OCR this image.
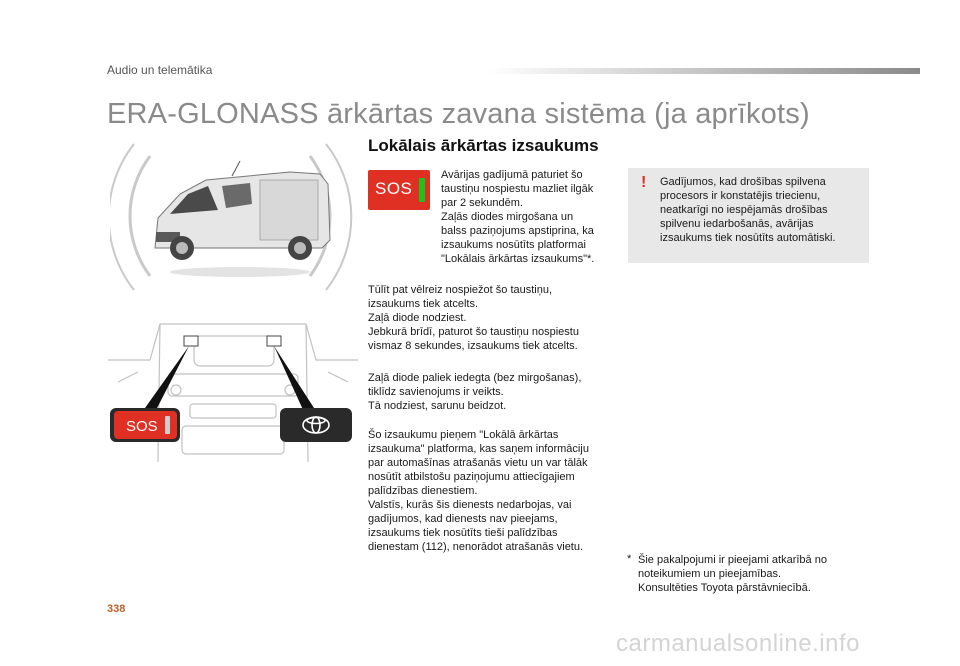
Audio un telemātika
ERA-GLONASS ārkārtas zavana sistēma (ja aprīkots)
SOS
Lokālais ārkārtas izsaukums
SOS

Avārijas gadījumā paturiet šo
taustiņu nospiestu mazliet ilgāk
par 2 sekundēm.
Zaļās diodes mirgošana un
balss paziņojums apstiprina, ka
izsaukums nosūtīts platformai
"Lokālais ārkārtas izsaukums"*.

Tūlīt pat vēlreiz nospiežot šo taustiņu,
izsaukums tiek atcelts.
Zaļā diode nodziest.
Jebkurā brīdī, paturot šo taustiņu nospiestu
vismaz 8 sekundes, izsaukums tiek atcelts.

Zaļā diode paliek iedegta (bez mirgošanas),
tiklīdz savienojums ir veikts.
Tā nodziest, sarunu beidzot.

Šo izsaukumu pieņem "Lokālā ārkārtas
izsaukuma" platforma, kas saņem informāciju
par automašīnas atrašanās vietu un var tālāk
nosūtīt atbilstošu paziņojumu attiecīgajiem
palīdzības dienestiem.
Valstīs, kurās šis dienests nedarbojas, vai
gadījumos, kad dienests nav pieejams,
izsaukums tiek nosūtīts tieši palīdzības
dienestam (112), nenorādot atrašanās vietu.

! Gadījumos, kad drošības spilvena
procesors ir konstatējis triecienu,
neatkarīgi no iespējamās drošības
spilvenu iedarbošanās, avārijas
izsaukums tiek nosūtīts automātiski.

* Šie pakalpojumi ir pieejami atkarībā no
noteikumiem un pieejamības.
Konsultēties Toyota pārstāvniecībā.

338
carmanualsonline.info
